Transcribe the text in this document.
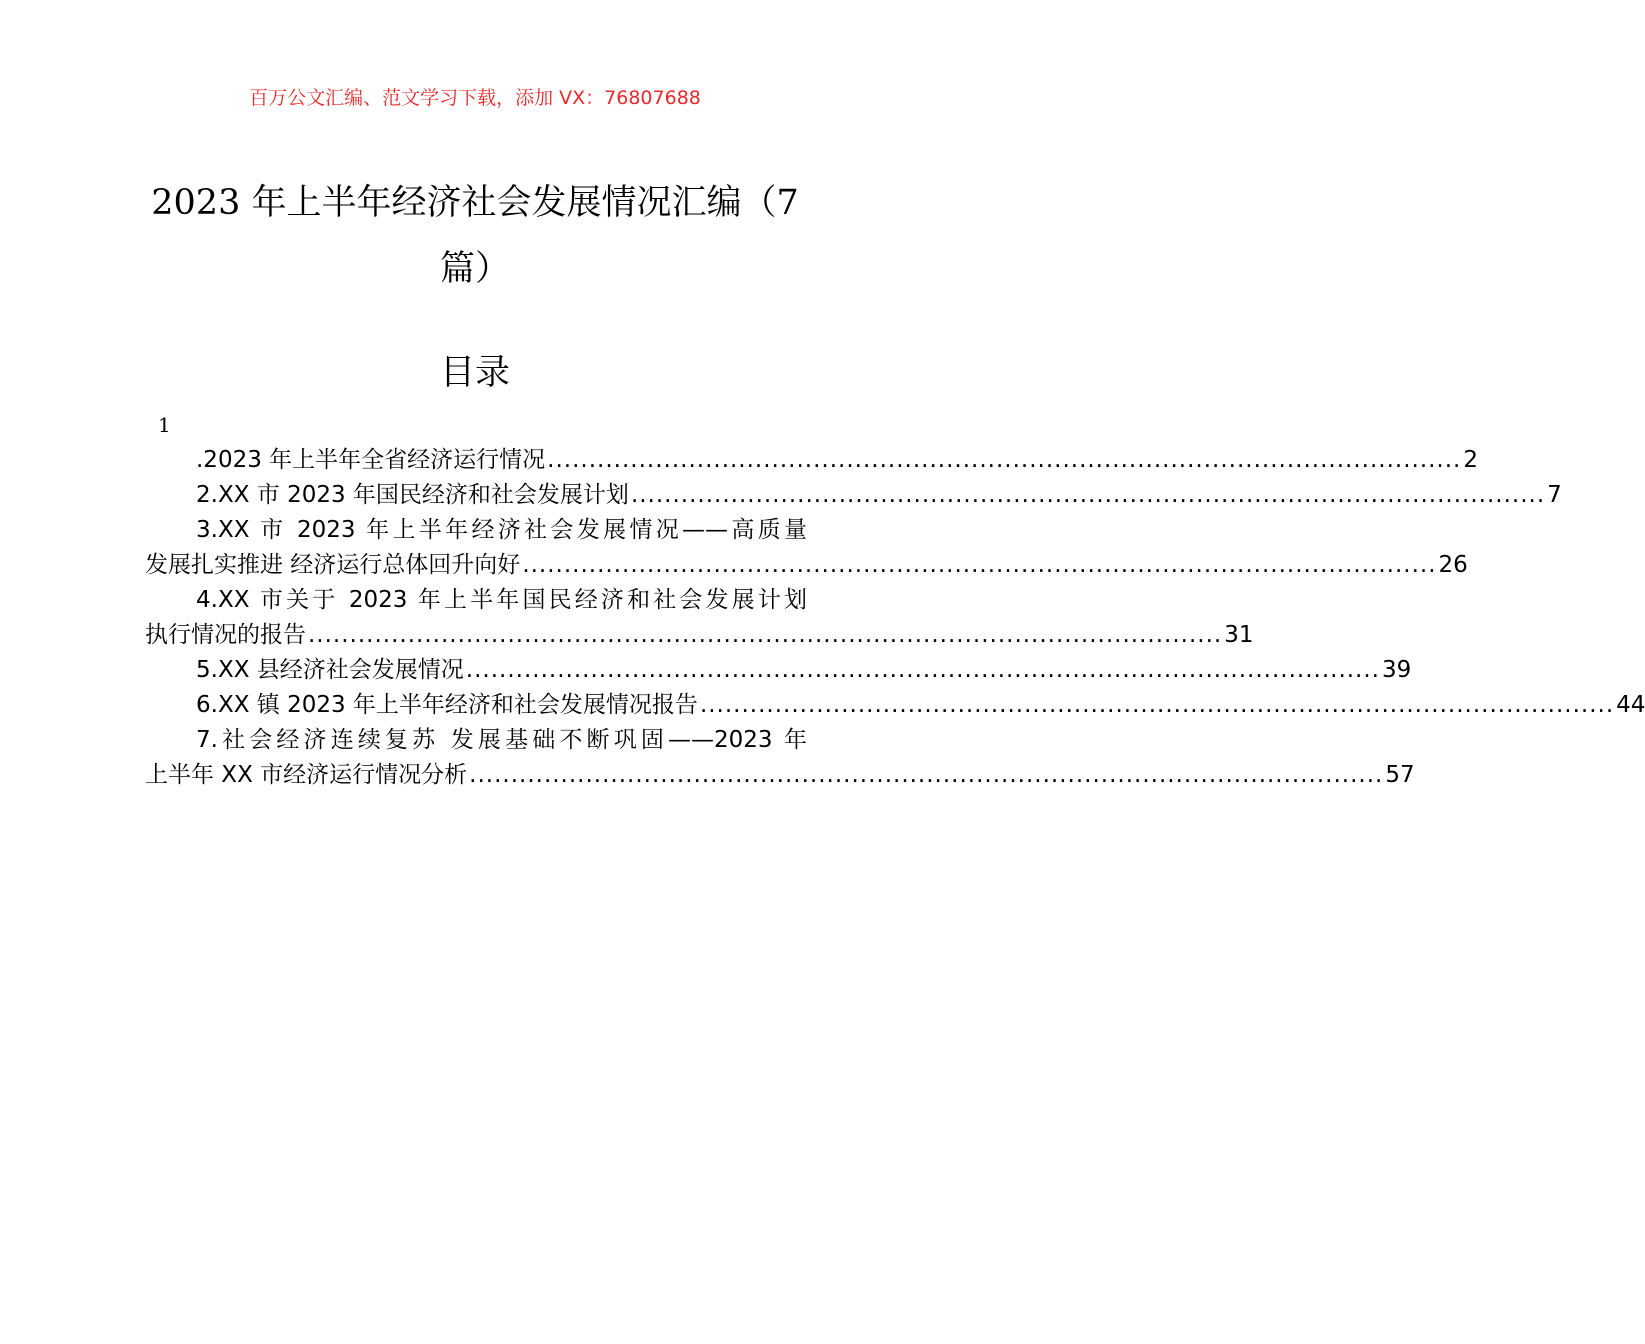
百万公文汇编、范文学习下载，添加 VX：76807688
2023 年上半年经济社会发展情况汇编（7
篇）
目录
1
.2023 年上半年全省经济运行情况 .............................................................................................................. 2
2.XX 市 2023 年国民经济和社会发展计划 .............................................................................................................. 7
3.XX 市 2023 年上半年经济社会发展情况——高质量
发展扎实推进 经济运行总体回升向好 .............................................................................................................. 26
4.XX 市关于 2023 年上半年国民经济和社会发展计划
执行情况的报告 .............................................................................................................. 31
5.XX 县经济社会发展情况 .............................................................................................................. 39
6.XX 镇 2023 年上半年经济和社会发展情况报告 .............................................................................................................. 44
7.社会经济连续复苏 发展基础不断巩固——2023 年
上半年 XX 市经济运行情况分析 .............................................................................................................. 57
